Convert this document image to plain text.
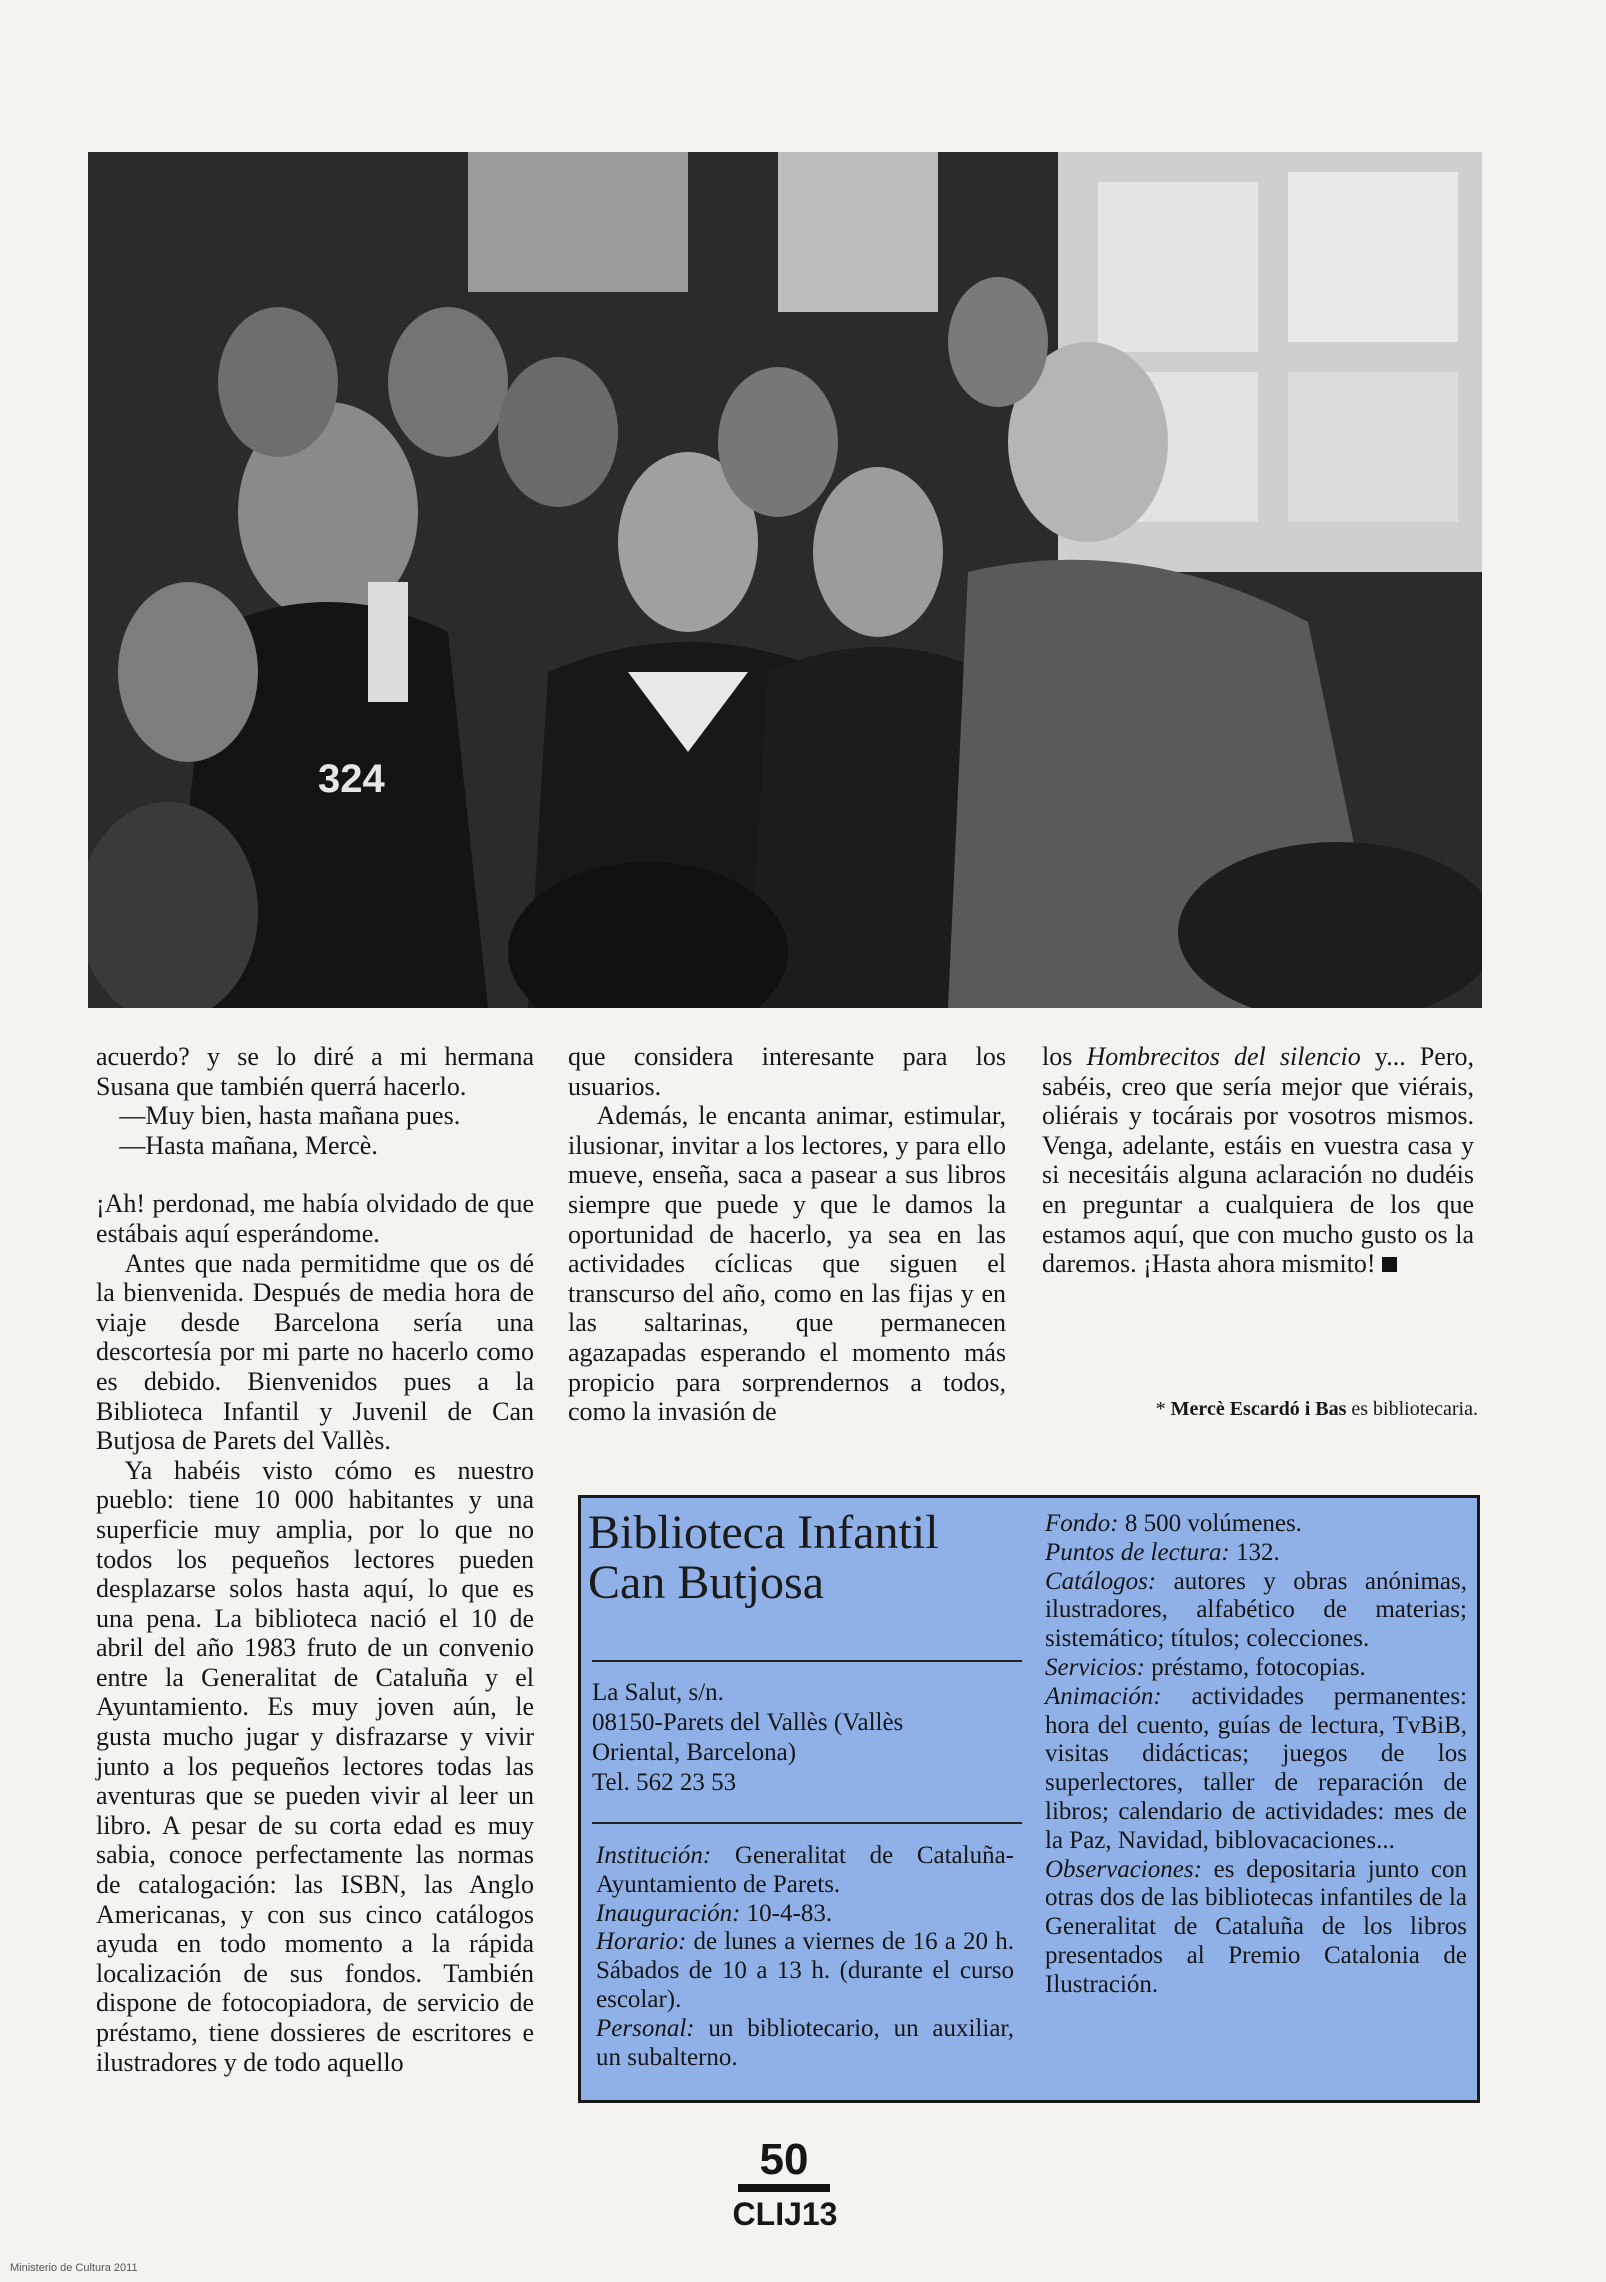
324

acuerdo? y se lo diré a mi hermana Susana que también querrá hacerlo.

—Muy bien, hasta mañana pues.

—Hasta mañana, Mercè.

¡Ah! perdonad, me había olvidado de que estábais aquí esperándome.

Antes que nada permitidme que os dé la bienvenida. Después de media hora de viaje desde Barcelona sería una descortesía por mi parte no hacerlo como es debido. Bienvenidos pues a la Biblioteca Infantil y Juvenil de Can Butjosa de Parets del Vallès.

Ya habéis visto cómo es nuestro pueblo: tiene 10 000 habitantes y una superficie muy amplia, por lo que no todos los pequeños lectores pueden desplazarse solos hasta aquí, lo que es una pena. La biblioteca nació el 10 de abril del año 1983 fruto de un convenio entre la Generalitat de Cataluña y el Ayuntamiento. Es muy joven aún, le gusta mucho jugar y disfrazarse y vivir junto a los pequeños lectores todas las aventuras que se pueden vivir al leer un libro. A pesar de su corta edad es muy sabia, conoce perfectamente las normas de catalogación: las ISBN, las Anglo Americanas, y con sus cinco catálogos ayuda en todo momento a la rápida localización de sus fondos. También dispone de fotocopiadora, de servicio de préstamo, tiene dossieres de escritores e ilustradores y de todo aquello

que considera interesante para los usuarios.

Además, le encanta animar, estimular, ilusionar, invitar a los lectores, y para ello mueve, enseña, saca a pasear a sus libros siempre que puede y que le damos la oportunidad de hacerlo, ya sea en las actividades cíclicas que siguen el transcurso del año, como en las fijas y en las saltarinas, que permanecen agazapadas esperando el momento más propicio para sorprendernos a todos, como la invasión de

los Hombrecitos del silencio y... Pero, sabéis, creo que sería mejor que viérais, oliérais y tocárais por vosotros mismos. Venga, adelante, estáis en vuestra casa y si necesitáis alguna aclaración no dudéis en preguntar a cualquiera de los que estamos aquí, que con mucho gusto os la daremos. ¡Hasta ahora mismito!

* Mercè Escardó i Bas es bibliotecaria.
Biblioteca Infantil
Can Butjosa
La Salut, s/n.
08150-Parets del Vallès (Vallès
Oriental, Barcelona)
Tel. 562 23 53

Institución: Generalitat de Cataluña-Ayuntamiento de Parets.

Inauguración: 10-4-83.

Horario: de lunes a viernes de 16 a 20 h. Sábados de 10 a 13 h. (durante el curso escolar).

Personal: un bibliotecario, un auxiliar, un subalterno.

Fondo: 8 500 volúmenes.

Puntos de lectura: 132.

Catálogos: autores y obras anónimas, ilustradores, alfabético de materias; sistemático; títulos; colecciones.

Servicios: préstamo, fotocopias.

Animación: actividades permanentes: hora del cuento, guías de lectura, TvBiB, visitas didácticas; juegos de los superlectores, taller de reparación de libros; calendario de actividades: mes de la Paz, Navidad, biblovacaciones...

Observaciones: es depositaria junto con otras dos de las bibliotecas infantiles de la Generalitat de Cataluña de los libros presentados al Premio Catalonia de Ilustración.

50
CLIJ13
Ministerio de Cultura 2011
